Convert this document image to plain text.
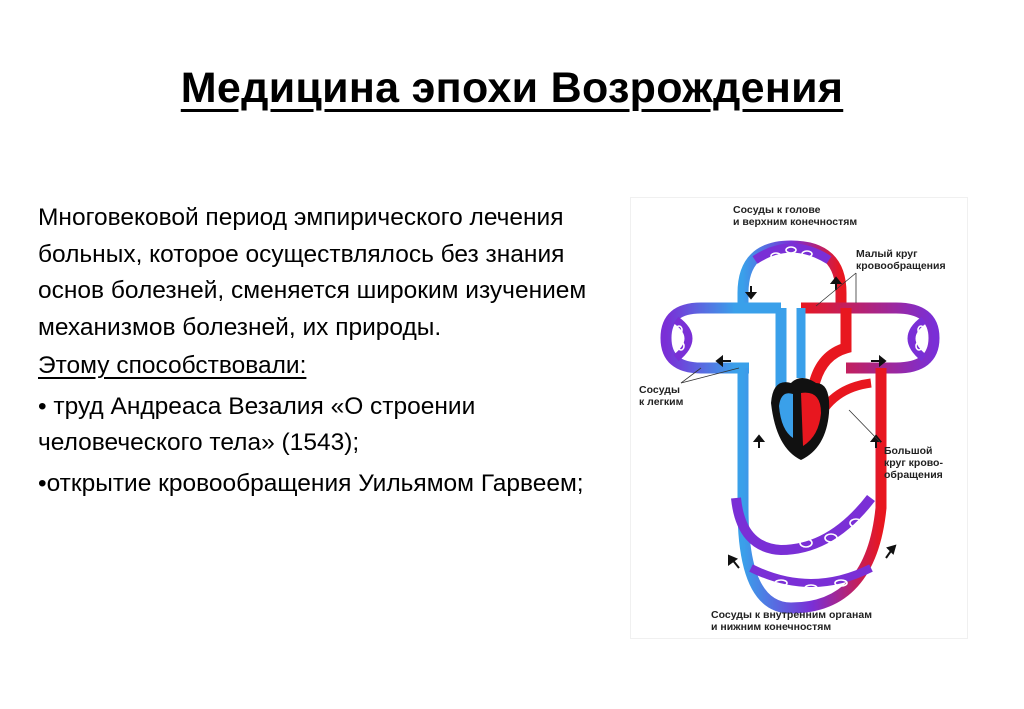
Медицина эпохи Возрождения

Многовековой период эмпирического лечения больных, которое осуществлялось без знания основ болезней, сменяется широким изучением механизмов болезней, их природы.

Этому способствовали:

• труд Андреаса Везалия «О строении человеческого тела» (1543);

•открытие кровообращения Уильямом Гарвеем;

Сосуды к голове
и верхним конечностям
Малый круг
кровообращения
Сосуды
к легким
Большой
круг крово-
обращения
Сосуды к внутренним органам
и нижним конечностям
